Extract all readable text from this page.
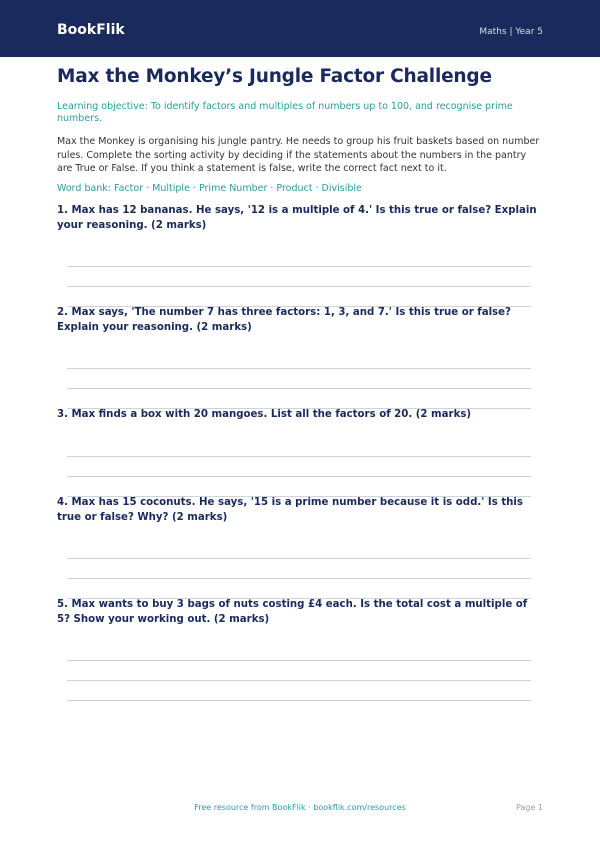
BookFlik	Maths | Year 5
Max the Monkey’s Jungle Factor Challenge

Learning objective: To identify factors and multiples of numbers up to 100, and recognise prime numbers.

Max the Monkey is organising his jungle pantry. He needs to group his fruit baskets based on number rules. Complete the sorting activity by deciding if the statements about the numbers in the pantry are True or False. If you think a statement is false, write the correct fact next to it.

Word bank: Factor · Multiple · Prime Number · Product · Divisible

1. Max has 12 bananas. He says, '12 is a multiple of 4.' Is this true or false? Explain your reasoning. (2 marks)

2. Max says, 'The number 7 has three factors: 1, 3, and 7.' Is this true or false? Explain your reasoning. (2 marks)

3. Max finds a box with 20 mangoes. List all the factors of 20. (2 marks)

4. Max has 15 coconuts. He says, '15 is a prime number because it is odd.' Is this true or false? Why? (2 marks)

5. Max wants to buy 3 bags of nuts costing £4 each. Is the total cost a multiple of 5? Show your working out. (2 marks)

Free resource from BookFlik · bookflik.com/resources	Page 1
